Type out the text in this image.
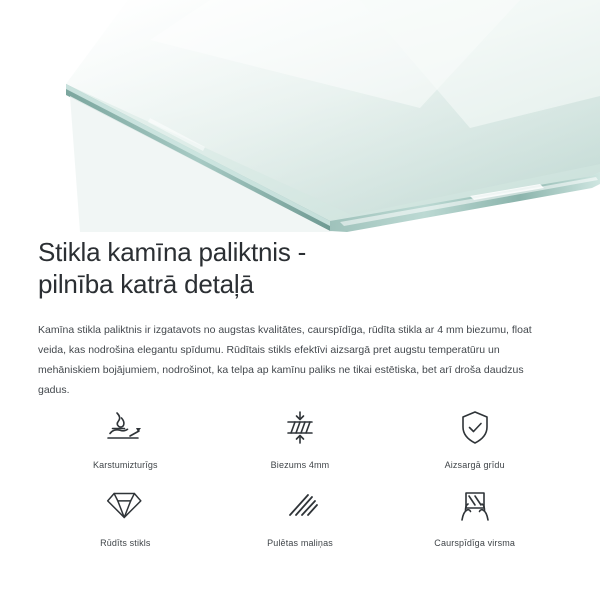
Stikla kamīna paliktnis -
pilnība katrā detaļā

Kamīna stikla paliktnis ir izgatavots no augstas kvalitātes, caurspīdīga, rūdīta stikla ar 4 mm biezumu, float veida, kas nodrošina elegantu spīdumu. Rūdītais stikls efektīvi aizsargā pret augstu temperatūru un mehāniskiem bojājumiem, nodrošinot, ka telpa ap kamīnu paliks ne tikai estētiska, bet arī droša daudzus gadus.

Karstumizturīgs	Biezums 4mm	Aizsargā grīdu
Rūdīts stikls	Pulētas maliņas	Caurspīdīga virsma
